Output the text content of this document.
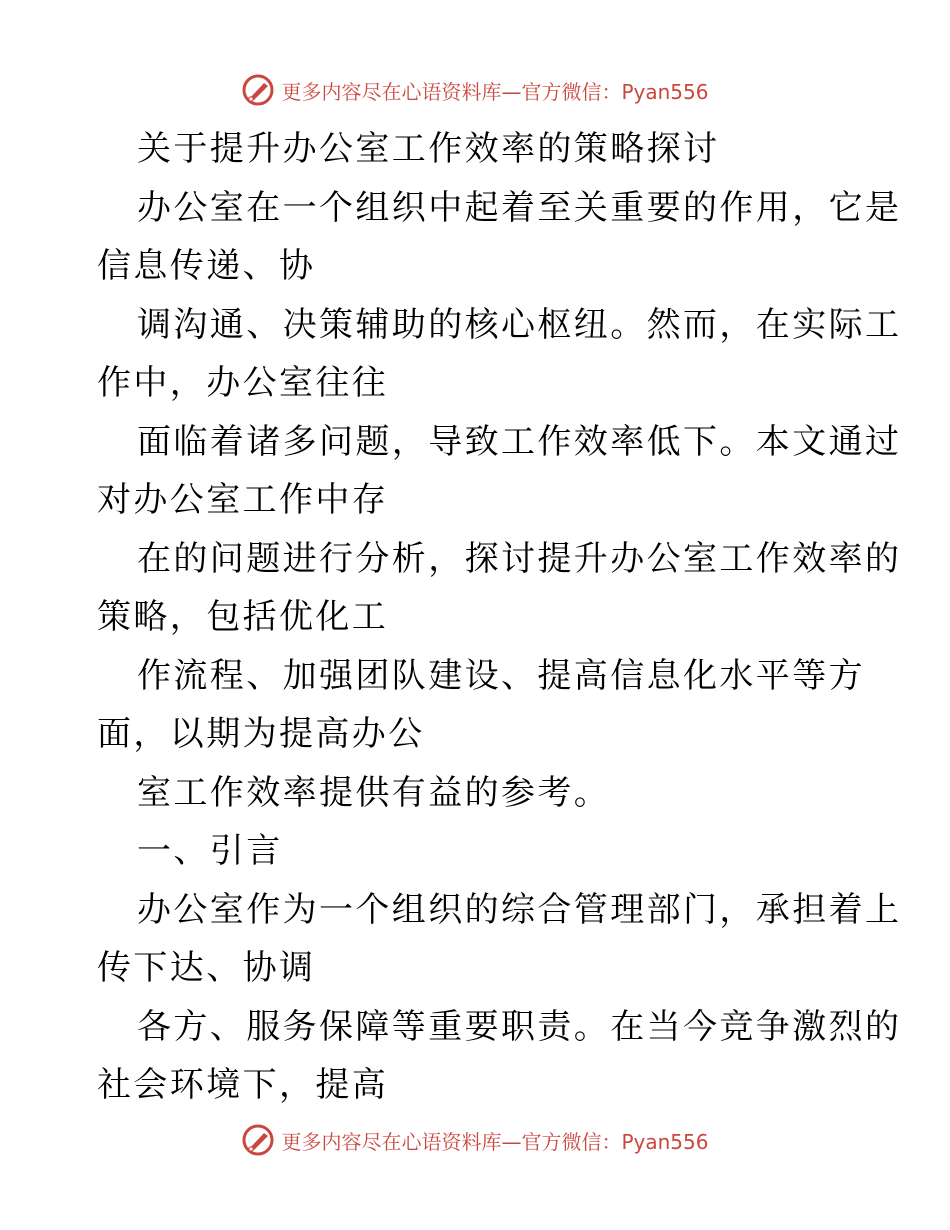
更多内容尽在心语资料库—官方微信：Pyan556
关于提升办公室工作效率的策略探讨
办公室在一个组织中起着至关重要的作用，它是
信息传递、协
调沟通、决策辅助的核心枢纽。然而，在实际工
作中，办公室往往
面临着诸多问题，导致工作效率低下。本文通过
对办公室工作中存
在的问题进行分析，探讨提升办公室工作效率的
策略，包括优化工
作流程、加强团队建设、提高信息化水平等方
面，以期为提高办公
室工作效率提供有益的参考。
一、引言
办公室作为一个组织的综合管理部门，承担着上
传下达、协调
各方、服务保障等重要职责。在当今竞争激烈的
社会环境下，提高
更多内容尽在心语资料库—官方微信：Pyan556
